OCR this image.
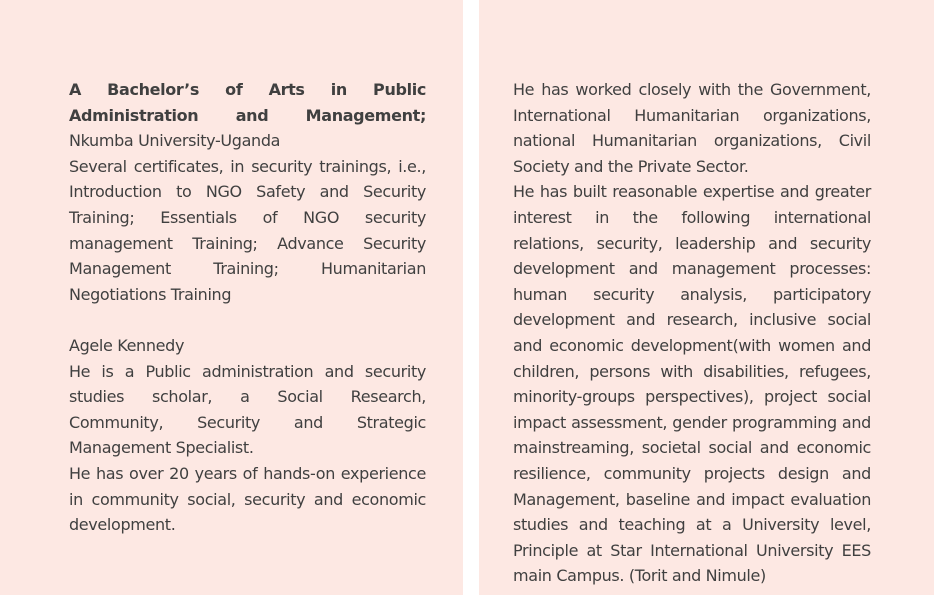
A Bachelor’s of Arts in Public Administration and Management; Nkumba University-Uganda

Several certificates, in security trainings, i.e., Introduction to NGO Safety and Security Training; Essentials of NGO security management Training; Advance Security Management Training; Humanitarian Negotiations Training

Agele Kennedy

He is a Public administration and security studies scholar, a Social Research, Community, Security and Strategic Management Specialist.

He has over 20 years of hands-on experience in community social, security and economic development.

He has worked closely with the Government, International Humanitarian organizations, national Humanitarian organizations, Civil Society and the Private Sector.

He has built reasonable expertise and greater interest in the following international relations, security, leadership and security development and management processes: human security analysis, participatory development and research, inclusive social and economic development(with women and children, persons with disabilities, refugees, minority-groups perspectives), project social impact assessment, gender programming and mainstreaming, societal social and economic resilience, community projects design and Management, baseline and impact evaluation studies and teaching at a University level, Principle at Star International University EES main Campus. (Torit and Nimule)
